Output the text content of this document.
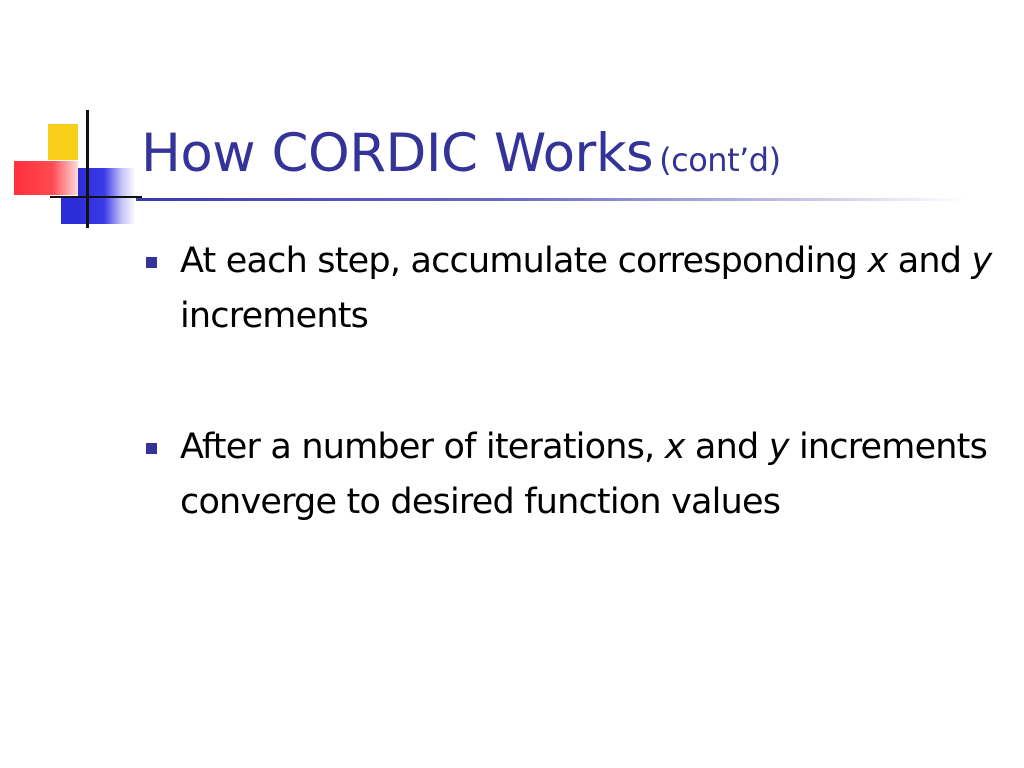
How CORDIC Works (cont’d)
At each step, accumulate corresponding x and y increments
After a number of iterations, x and y increments converge to desired function values
